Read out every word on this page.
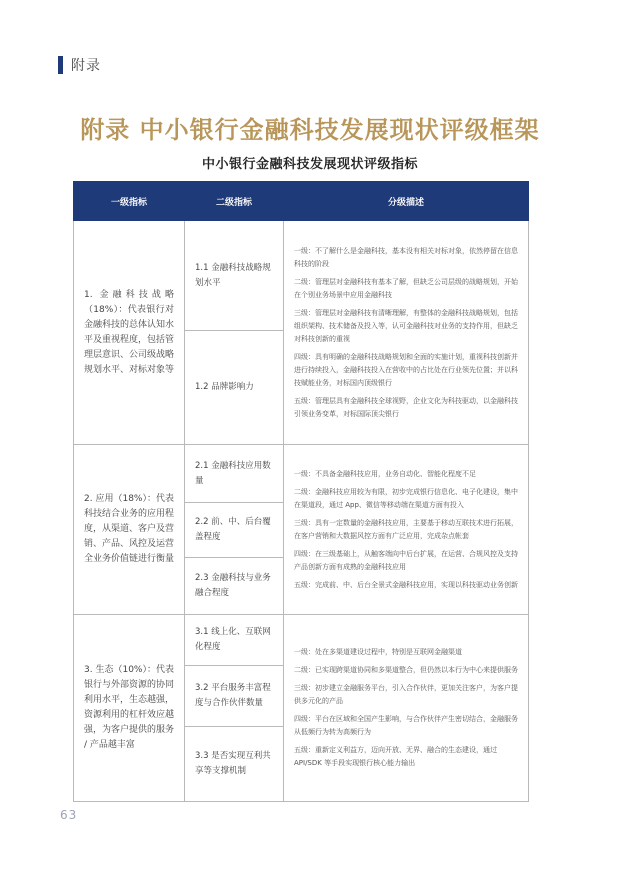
附录
附录 中小银行金融科技发展现状评级框架
中小银行金融科技发展现状评级指标
一级指标	二级指标	分级描述
1. 金融科技战略（18%）：代表银行对金融科技的总体认知水平及重视程度，包括管理层意识、公司级战略规划水平、对标对象等	1.1 金融科技战略规划水平	一级：不了解什么是金融科技，基本没有相关对标对象，依然停留在信息科技的阶段

二级：管理层对金融科技有基本了解，但缺乏公司层级的战略规划，开始在个别业务场景中应用金融科技

三级：管理层对金融科技有清晰理解，有整体的金融科技战略规划，包括组织架构、技术储备及投入等，认可金融科技对业务的支持作用，但缺乏对科技创新的重视

四级：具有明确的金融科技战略规划和全面的实施计划，重视科技创新并进行持续投入，金融科技投入在营收中的占比处在行业领先位置；并以科技赋能业务，对标国内顶级银行

五级：管理层具有金融科技全球视野，企业文化为科技驱动，以金融科技引领业务变革，对标国际顶尖银行

	1.2 品牌影响力	
2. 应用（18%）：代表科技结合业务的应用程度，从渠道、客户及营销、产品、风控及运营全业务价值链进行衡量	2.1 金融科技应用数量	一级：不具备金融科技应用，业务自动化、智能化程度不足

二级：金融科技应用较为有限，初步完成银行信息化、电子化建设，集中在渠道段，通过 App、微信等移动端在渠道方面有投入

三级：具有一定数量的金融科技应用，主要基于移动互联技术进行拓展，在客户营销和大数据风控方面有广泛应用，完成杂点帐套

四级：在三级基础上，从触客端向中后台扩展，在运营、合规风控及支持产品创新方面有成熟的金融科技应用

五级：完成前、中、后台全景式金融科技应用，实现以科技驱动业务创新

	2.2 前、中、后台覆盖程度	
	2.3 金融科技与业务融合程度	
3. 生态（10%）：代表银行与外部资源的协同利用水平，生态越强，资源利用的杠杆效应越强，为客户提供的服务 / 产品越丰富	3.1 线上化、互联网化程度	一级：处在多渠道建设过程中，特别是互联网金融渠道

二级：已实现跨渠道协同和多渠道整合，但仍然以本行为中心来提供服务

三级：初步建立金融服务平台，引入合作伙伴，更加关注客户，为客户提供多元化的产品

四级：平台在区域和全国产生影响，与合作伙伴产生密切结合，金融服务从低频行为转为高频行为

五级：重新定义利益方，迈向开放、无界、融合的生态建设，通过 API/SDK 等手段实现银行核心能力输出

	3.2 平台服务丰富程度与合作伙伴数量	
	3.3 是否实现互利共享等支撑机制	
63
